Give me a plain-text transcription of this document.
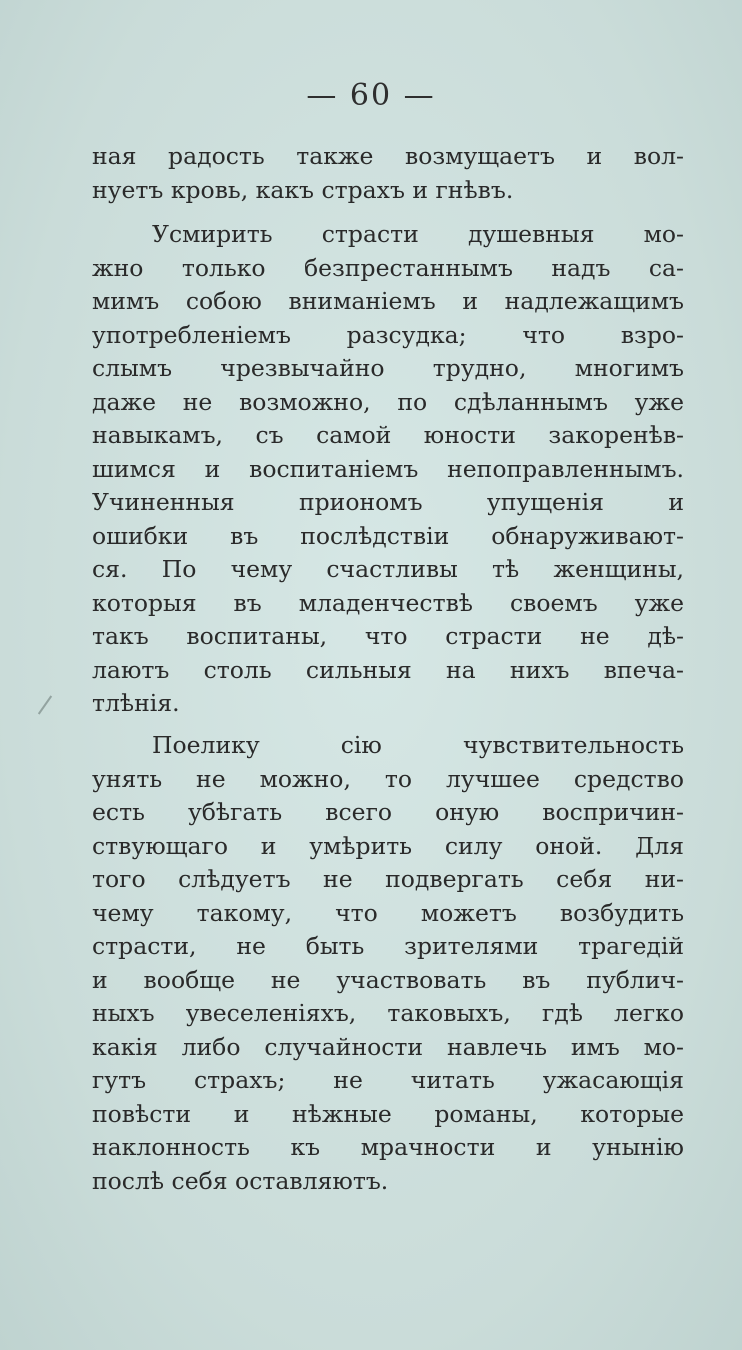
— 60 —
ная радость также возмущаетъ и вол-
нуетъ кровь, какъ страхъ и гнѣвъ.
Усмирить страсти душевныя мо-
жно только безпрестаннымъ надъ са-
мимъ собою вниманіемъ и надлежащимъ
употребленіемъ разсудка; что взро-
слымъ чрезвычайно трудно, многимъ
даже не возможно, по сдѣланнымъ уже
навыкамъ, съ самой юности закоренѣв-
шимся и воспитаніемъ непоправленнымъ.
Учиненныя приономъ упущенія и
ошибки въ послѣдствіи обнаруживают-
ся. По чему счастливы тѣ женщины,
которыя въ младенчествѣ своемъ уже
такъ воспитаны, что страсти не дѣ-
лаютъ столь сильныя на нихъ впеча-
тлѣнія.
Поелику сію чувствительность
унять не можно, то лучшее средство
есть убѣгать всего оную воспричин-
ствующаго и умѣрить силу оной. Для
того слѣдуетъ не подвергать себя ни-
чему такому, что можетъ возбудить
страсти, не быть зрителями трагедій
и вообще не участвовать въ публич-
ныхъ увеселеніяхъ, таковыхъ, гдѣ легко
какія либо случайности навлечь имъ мо-
гутъ страхъ; не читать ужасающія
повѣсти и нѣжные романы, которые
наклонность къ мрачности и унынію
послѣ себя оставляютъ.
